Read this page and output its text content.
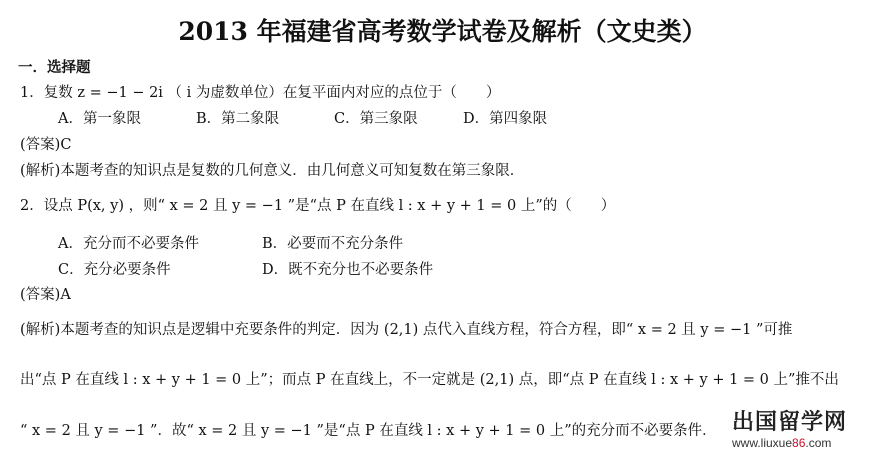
2013 年福建省高考数学试卷及解析（文史类）
一．选择题
1．复数 z = −1 − 2i （ i 为虚数单位）在复平面内对应的点位于（　　）
A．第一象限	B．第二象限	C．第三象限	D．第四象限
(答案)C
(解析)本题考查的知识点是复数的几何意义．由几何意义可知复数在第三象限．
2．设点 P(x, y) ，则“ x = 2 且 y = −1 ”是“点 P 在直线 l : x + y + 1 = 0 上”的（　　）
A．充分而不必要条件	B．必要而不充分条件
C．充分必要条件	D．既不充分也不必要条件
(答案)A
(解析)本题考查的知识点是逻辑中充要条件的判定．因为 (2,1) 点代入直线方程，符合方程，即“ x = 2 且 y = −1 ”可推
出“点 P 在直线 l : x + y + 1 = 0 上”；而点 P 在直线上，不一定就是 (2,1) 点，即“点 P 在直线 l : x + y + 1 = 0 上”推不出
“ x = 2 且 y = −1 ”．故“ x = 2 且 y = −1 ”是“点 P 在直线 l : x + y + 1 = 0 上”的充分而不必要条件． 出国留学网
www.liuxue86.com
